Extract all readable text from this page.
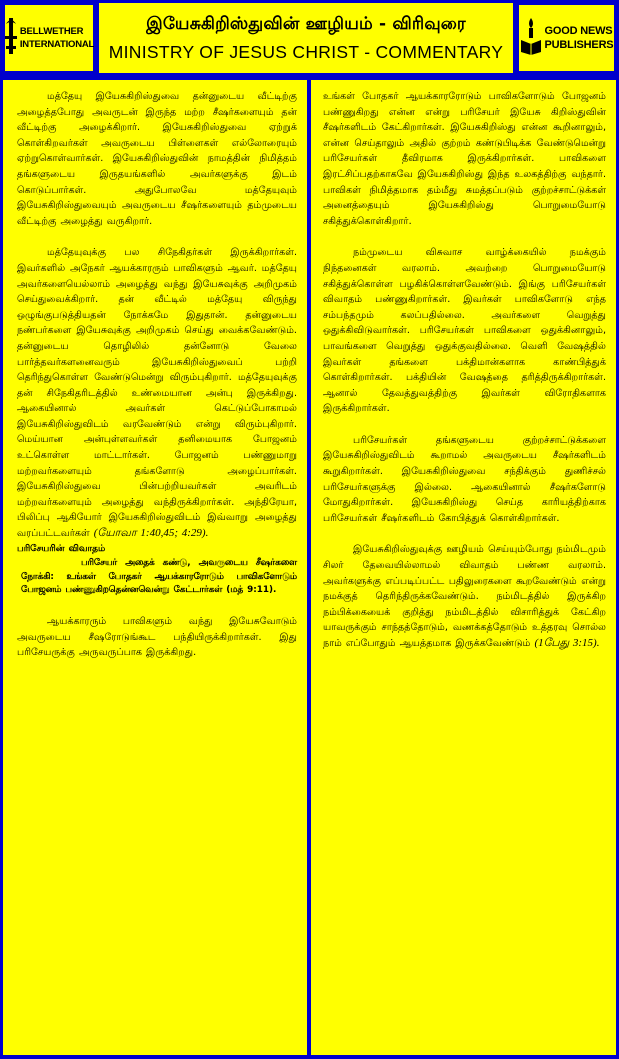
BELLWETHER
INTERNATIONAL
இயேசுகிறிஸ்துவின் ஊழியம் - விரிவுரை
MINISTRY OF JESUS CHRIST - COMMENTARY
GOOD NEWS
PUBLISHERS

மத்தேயு இயேசுகிறிஸ்துவை தன்னுடைய வீட்டிற்கு அழைத்தபோது அவருடன் இருந்த மற்ற சீஷர்களையும் தன் வீட்டிற்கு அழைக்கிறார். இயேசுகிறிஸ்துவை ஏற்றுக் கொள்கிறவர்கள் அவருடைய பிள்ளைகள் எல்லோரையும் ஏற்றுகொள்வார்கள். இயேசுகிறிஸ்துவின் நாமத்தின் நிமித்தம் தங்களுடைய இருதயங்களில் அவர்களுக்கு இடம் கொடுப்பார்கள். அதுபோலவே மத்தேயுவும் இயேசுகிறிஸ்துவையும் அவருடைய சீஷர்களையும் தம்முடைய வீட்டிற்கு அழைத்து வருகிறார்.

மத்தேயுவுக்கு பல சிநேகிதர்கள் இருக்கிறார்கள். இவர்களில் அநேகர் ஆயக்காரரும் பாவிகளும் ஆவர். மத்தேயு அவர்களையெல்லாம் அழைத்து வந்து இயேசுவுக்கு அறிமுகம் செய்துவைக்கிறார். தன் வீட்டில் மத்தேயு விருந்து ஒழுங்குபடுத்தியதன் நோக்கமே இதுதான். தன்னுடைய நண்பர்களை இயேசுவுக்கு அறிமுகம் செய்து வைக்கவேண்டும். தன்னுடைய தொழிலில் தன்னோடு வேலை பார்த்தவர்களனைவரும் இயேசுகிறிஸ்துவைப் பற்றி தெரிந்துகொள்ள வேண்டுமென்று விரும்புகிறார். மத்தேயுவுக்கு தன் சிநேகிதரிடத்தில் உண்மையான அன்பு இருக்கிறது. ஆகையினால் அவர்கள் கெட்டுப்போகாமல் இயேசுகிறிஸ்துவிடம் வரவேண்டும் என்று விரும்புகிறார். மெய்யான அன்புள்ளவர்கள் தனிமையாக போஜனம் உட்கொள்ள மாட்டார்கள். போஜனம் பண்ணுமாறு மற்றவர்களையும் தங்களோடு அழைப்பார்கள். இயேசுகிறிஸ்துவை பின்பற்றியவர்கள் அவரிடம் மற்றவர்களையும் அழைத்து வந்திருக்கிறார்கள். அந்திரேயா, பிலிப்பு ஆகியோர் இயேசுகிறிஸ்துவிடம் இவ்வாறு அழைத்து வரப்பட்டவர்கள் (யோவா 1:40,45; 4:29).

பரிசேயரின் விவாதம்

பரிசேயர் அதைக் கண்டு, அவருடைய சீஷர்களை நோக்கி: உங்கள் போதகர் ஆயக்காரரோடும் பாவிகளோடும் போஜனம் பண்ணுகிறதென்னவென்று கேட்டார்கள் (மத் 9:11).

ஆயக்காரரும் பாவிகளும் வந்து இயேசுவோடும் அவருடைய சீஷரோடுங்கூட பந்தியிருக்கிறார்கள். இது பரிசேயருக்கு அருவருப்பாக இருக்கிறது.

உங்கள் போதகர் ஆயக்காரரோடும் பாவிகளோடும் போஜனம் பண்ணுகிறது என்ன என்று பரிசேயர் இயேசு கிறிஸ்துவின் சீஷர்களிடம் கேட்கிறார்கள். இயேசுகிறிஸ்து என்ன கூறினாலும், என்ன செய்தாலும் அதில் குற்றம் கண்டுபிடிக்க வேண்டுமென்று பரிசேயர்கள் தீவிரமாக இருக்கிறார்கள். பாவிகளை இரட்சிப்பதற்காகவே இயேசுகிறிஸ்து இந்த உலகத்திற்கு வந்தார். பாவிகள் நிமித்தமாக தம்மீது சுமத்தப்படும் குற்றச்சாட்டுக்கள் அனைத்தையும் இயேசுகிறிஸ்து பொறுமையோடு சகித்துக்கொள்கிறார்.

நம்முடைய விசுவாச வாழ்க்கையில் நமக்கும் நிந்தனைகள் வரலாம். அவற்றை பொறுமையோடு சகித்துக்கொள்ள பழகிக்கொள்ளவேண்டும். இங்கு பரிசேயர்கள் விவாதம் பண்ணுகிறார்கள். இவர்கள் பாவிகளோடு எந்த சம்பந்தமும் கலப்பதில்லை. அவர்களை வெறுத்து ஒதுக்கிவிடுவார்கள். பரிசேயர்கள் பாவிகளை ஒதுக்கினாலும், பாவங்களை வெறுத்து ஒதுக்குவதில்லை. வெளி வேஷத்தில் இவர்கள் தங்களை பக்திமான்களாக காண்பித்துக் கொள்கிறார்கள். பக்தியின் வேஷத்தை தரித்திருக்கிறார்கள். ஆனால் தேவத்துவத்திற்கு இவர்கள் விரோதிகளாக இருக்கிறார்கள்.

பரிசேயர்கள் தங்களுடைய குற்றச்சாட்டுக்களை இயேசுகிறிஸ்துவிடம் கூறாமல் அவருடைய சீஷர்களிடம் கூறுகிறார்கள். இயேசுகிறிஸ்துவை சந்திக்கும் துணிச்சல் பரிசேயர்களுக்கு இல்லை. ஆகையினால் சீஷர்களோடு மோதுகிறார்கள். இயேசுகிறிஸ்து செய்த காரியத்திற்காக பரிசேயர்கள் சீஷர்களிடம் கோபித்துக் கொள்கிறார்கள்.

இயேசுகிறிஸ்துவுக்கு ஊழியம் செய்யும்போது நம்மிடமும் சிலர் தேவையில்லாமல் விவாதம் பண்ண வரலாம். அவர்களுக்கு எப்படிப்பட்ட பதிலுரைகளை கூறவேண்டும் என்று நமக்குத் தெரிந்திருக்கவேண்டும். நம்மிடத்தில் இருக்கிற நம்பிக்கையைக் குறித்து நம்மிடத்தில் விசாரித்துக் கேட்கிற யாவருக்கும் சாந்தத்தோடும், வணக்கத்தோடும் உத்தரவு சொல்ல நாம் எப்போதும் ஆயத்தமாக இருக்கவேண்டும் (1பேது 3:15).
